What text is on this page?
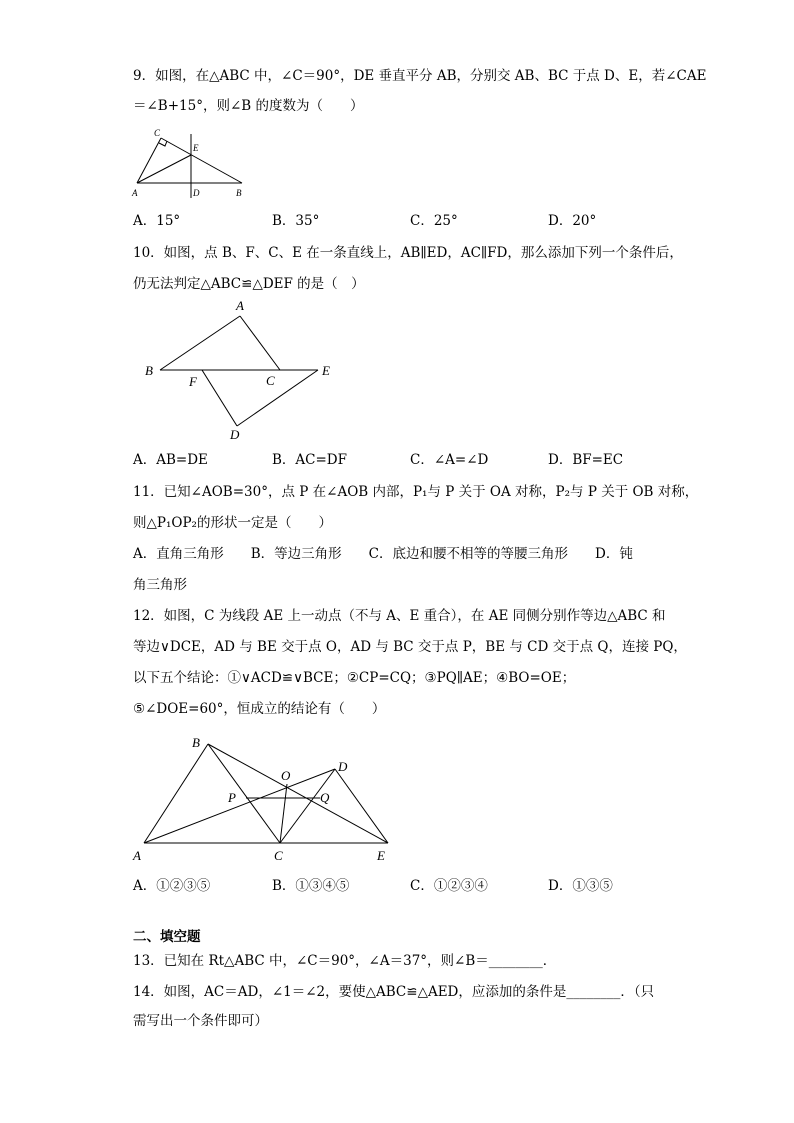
9．如图，在△ABC 中，∠C＝90°，DE 垂直平分 AB，分别交 AB、BC 于点 D、E，若∠CAE
＝∠B+15°，则∠B 的度数为（　　）
C
E
A	D	B
A．15°	B．35°	C．25°	D．20°
10．如图，点 B、F、C、E 在一条直线上，AB∥ED，AC∥FD，那么添加下列一个条件后，
仍无法判定△ABC≌△DEF 的是（　）
A
B
F	C
E
D
A．AB=DE	B．AC=DF	C．∠A=∠D	D．BF=EC
11．已知∠AOB=30°，点 P 在∠AOB 内部，P₁与 P 关于 OA 对称，P₂与 P 关于 OB 对称，
则△P₁OP₂的形状一定是（　　）
A．直角三角形　　B．等边三角形　　C．底边和腰不相等的等腰三角形　　D．钝
角三角形
12．如图，C 为线段 AE 上一动点（不与 A、E 重合），在 AE 同侧分别作等边△ABC 和
等边∨DCE，AD 与 BE 交于点 O，AD 与 BC 交于点 P，BE 与 CD 交于点 Q，连接 PQ，
以下五个结论：①∨ACD≌∨BCE；②CP=CQ；③PQ∥AE；④BO=OE；
⑤∠DOE=60°，恒成立的结论有（　　）
B
D
O
P	Q
A	C	E
A．①②③⑤	B．①③④⑤	C．①②③④	D．①③⑤
二、填空题
13．已知在 Rt△ABC 中，∠C＝90°，∠A＝37°，则∠B＝________．
14．如图，AC＝AD，∠1＝∠2，要使△ABC≌△AED，应添加的条件是________．（只
需写出一个条件即可）
